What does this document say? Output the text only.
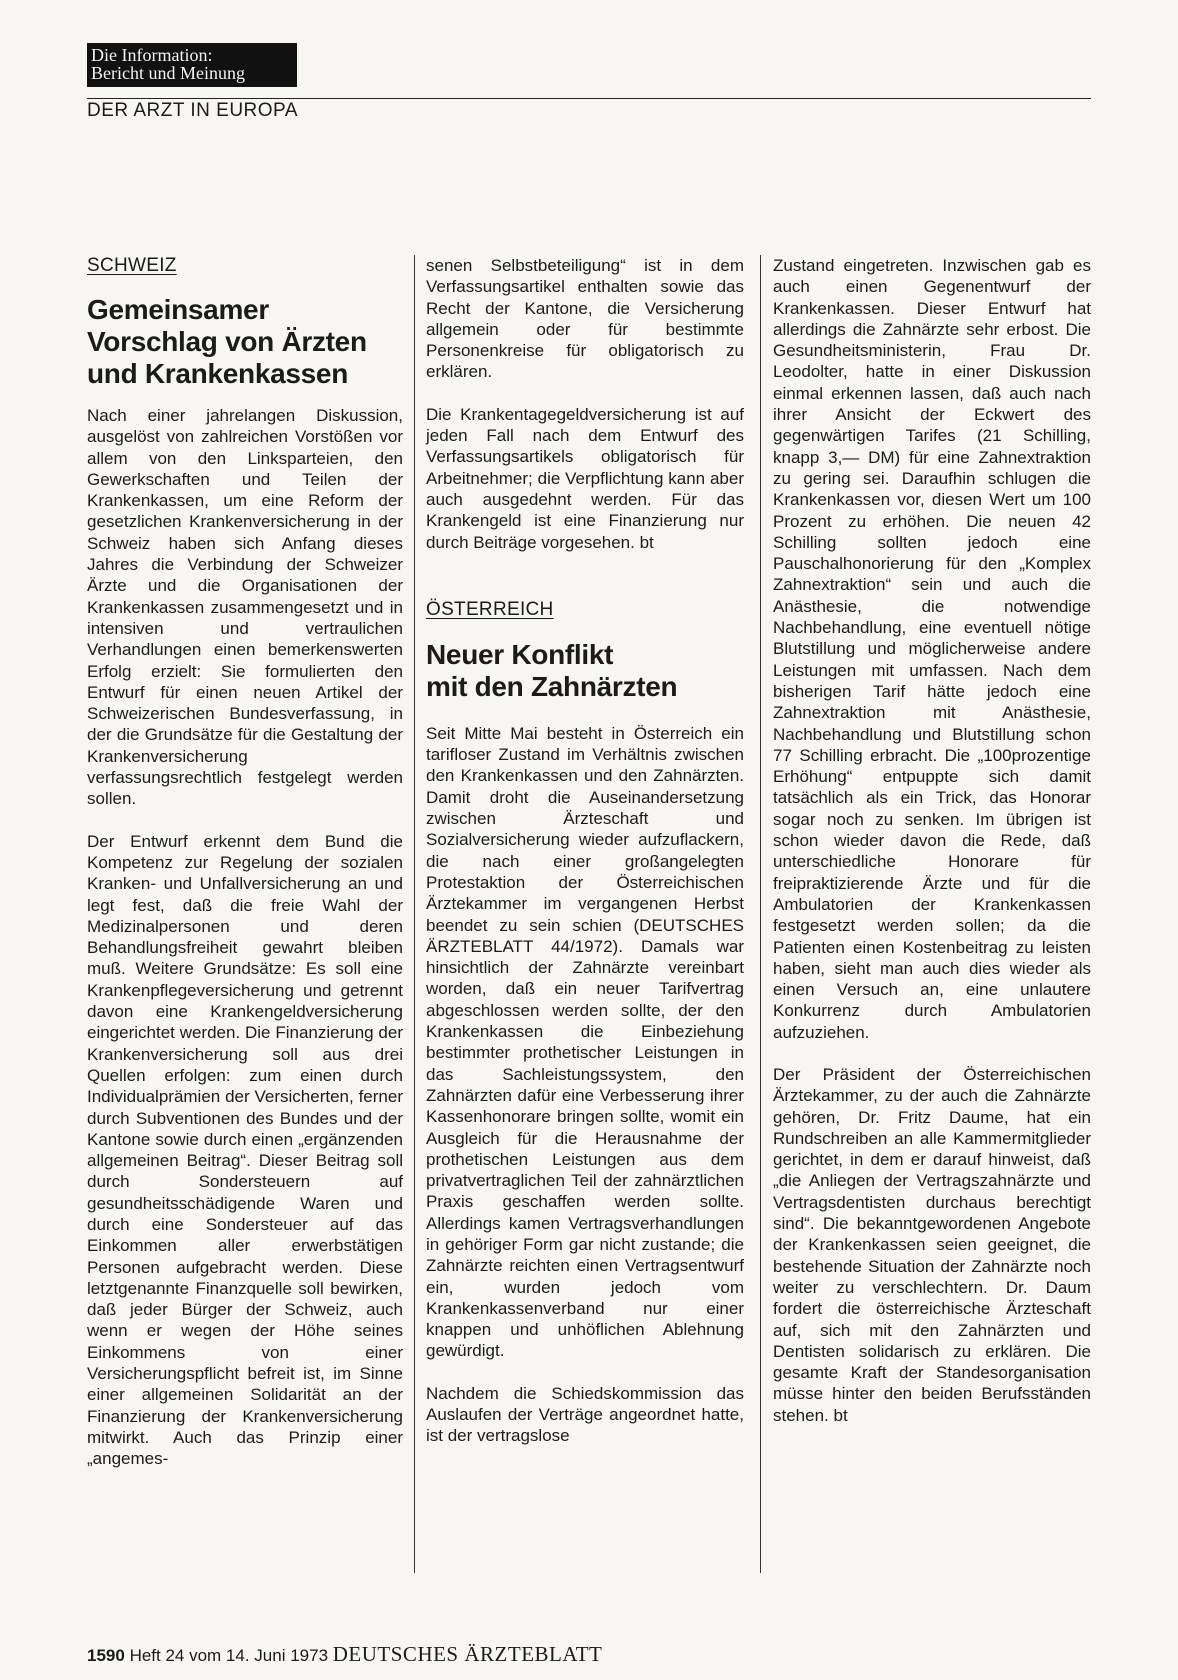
Die Information:
Bericht und Meinung
DER ARZT IN EUROPA
SCHWEIZ
Gemeinsamer
Vorschlag von Ärzten
und Krankenkassen

Nach einer jahrelangen Diskussion, ausgelöst von zahlreichen Vorstößen vor allem von den Linksparteien, den Gewerkschaften und Teilen der Krankenkassen, um eine Reform der gesetzlichen Krankenversicherung in der Schweiz haben sich Anfang dieses Jahres die Verbindung der Schweizer Ärzte und die Organisationen der Krankenkassen zusammengesetzt und in intensiven und vertraulichen Verhandlungen einen bemerkenswerten Erfolg erzielt: Sie formulierten den Entwurf für einen neuen Artikel der Schweizerischen Bundesverfassung, in der die Grundsätze für die Gestaltung der Krankenversicherung verfassungsrechtlich festgelegt werden sollen.

Der Entwurf erkennt dem Bund die Kompetenz zur Regelung der sozialen Kranken- und Unfallversicherung an und legt fest, daß die freie Wahl der Medizinalpersonen und deren Behandlungsfreiheit gewahrt bleiben muß. Weitere Grundsätze: Es soll eine Krankenpflegeversicherung und getrennt davon eine Krankengeldversicherung eingerichtet werden. Die Finanzierung der Krankenversicherung soll aus drei Quellen erfolgen: zum einen durch Individualprämien der Versicherten, ferner durch Subventionen des Bundes und der Kantone sowie durch einen „ergänzenden allgemeinen Beitrag“. Dieser Beitrag soll durch Sondersteuern auf gesundheitsschädigende Waren und durch eine Sondersteuer auf das Einkommen aller erwerbstätigen Personen aufgebracht werden. Diese letztgenannte Finanzquelle soll bewirken, daß jeder Bürger der Schweiz, auch wenn er wegen der Höhe seines Einkommens von einer Versicherungspflicht befreit ist, im Sinne einer allgemeinen Solidarität an der Finanzierung der Krankenversicherung mitwirkt. Auch das Prinzip einer „angemes-

senen Selbstbeteiligung“ ist in dem Verfassungsartikel enthalten sowie das Recht der Kantone, die Versicherung allgemein oder für bestimmte Personenkreise für obligatorisch zu erklären.

Die Krankentagegeldversicherung ist auf jeden Fall nach dem Entwurf des Verfassungsartikels obligatorisch für Arbeitnehmer; die Verpflichtung kann aber auch ausgedehnt werden. Für das Krankengeld ist eine Finanzierung nur durch Beiträge vorgesehen. bt

ÖSTERREICH
Neuer Konflikt
mit den Zahnärzten

Seit Mitte Mai besteht in Österreich ein tarifloser Zustand im Verhältnis zwischen den Krankenkassen und den Zahnärzten. Damit droht die Auseinandersetzung zwischen Ärzteschaft und Sozialversicherung wieder aufzuflackern, die nach einer großangelegten Protestaktion der Österreichischen Ärztekammer im vergangenen Herbst beendet zu sein schien (DEUTSCHES ÄRZTEBLATT 44/1972). Damals war hinsichtlich der Zahnärzte vereinbart worden, daß ein neuer Tarifvertrag abgeschlossen werden sollte, der den Krankenkassen die Einbeziehung bestimmter prothetischer Leistungen in das Sachleistungssystem, den Zahnärzten dafür eine Verbesserung ihrer Kassenhonorare bringen sollte, womit ein Ausgleich für die Herausnahme der prothetischen Leistungen aus dem privatvertraglichen Teil der zahnärztlichen Praxis geschaffen werden sollte. Allerdings kamen Vertragsverhandlungen in gehöriger Form gar nicht zustande; die Zahnärzte reichten einen Vertragsentwurf ein, wurden jedoch vom Krankenkassenverband nur einer knappen und unhöflichen Ablehnung gewürdigt.

Nachdem die Schiedskommission das Auslaufen der Verträge angeordnet hatte, ist der vertragslose

Zustand eingetreten. Inzwischen gab es auch einen Gegenentwurf der Krankenkassen. Dieser Entwurf hat allerdings die Zahnärzte sehr erbost. Die Gesundheitsministerin, Frau Dr. Leodolter, hatte in einer Diskussion einmal erkennen lassen, daß auch nach ihrer Ansicht der Eckwert des gegenwärtigen Tarifes (21 Schilling, knapp 3,— DM) für eine Zahnextraktion zu gering sei. Daraufhin schlugen die Krankenkassen vor, diesen Wert um 100 Prozent zu erhöhen. Die neuen 42 Schilling sollten jedoch eine Pauschalhonorierung für den „Komplex Zahnextraktion“ sein und auch die Anästhesie, die notwendige Nachbehandlung, eine eventuell nötige Blutstillung und möglicherweise andere Leistungen mit umfassen. Nach dem bisherigen Tarif hätte jedoch eine Zahnextraktion mit Anästhesie, Nachbehandlung und Blutstillung schon 77 Schilling erbracht. Die „100prozentige Erhöhung“ entpuppte sich damit tatsächlich als ein Trick, das Honorar sogar noch zu senken. Im übrigen ist schon wieder davon die Rede, daß unterschiedliche Honorare für freipraktizierende Ärzte und für die Ambulatorien der Krankenkassen festgesetzt werden sollen; da die Patienten einen Kostenbeitrag zu leisten haben, sieht man auch dies wieder als einen Versuch an, eine unlautere Konkurrenz durch Ambulatorien aufzuziehen.

Der Präsident der Österreichischen Ärztekammer, zu der auch die Zahnärzte gehören, Dr. Fritz Daume, hat ein Rundschreiben an alle Kammermitglieder gerichtet, in dem er darauf hinweist, daß „die Anliegen der Vertragszahnärzte und Vertragsdentisten durchaus berechtigt sind“. Die bekanntgewordenen Angebote der Krankenkassen seien geeignet, die bestehende Situation der Zahnärzte noch weiter zu verschlechtern. Dr. Daum fordert die österreichische Ärzteschaft auf, sich mit den Zahnärzten und Dentisten solidarisch zu erklären. Die gesamte Kraft der Standesorganisation müsse hinter den beiden Berufsständen stehen. bt

1590 Heft 24 vom 14. Juni 1973 DEUTSCHES ÄRZTEBLATT
